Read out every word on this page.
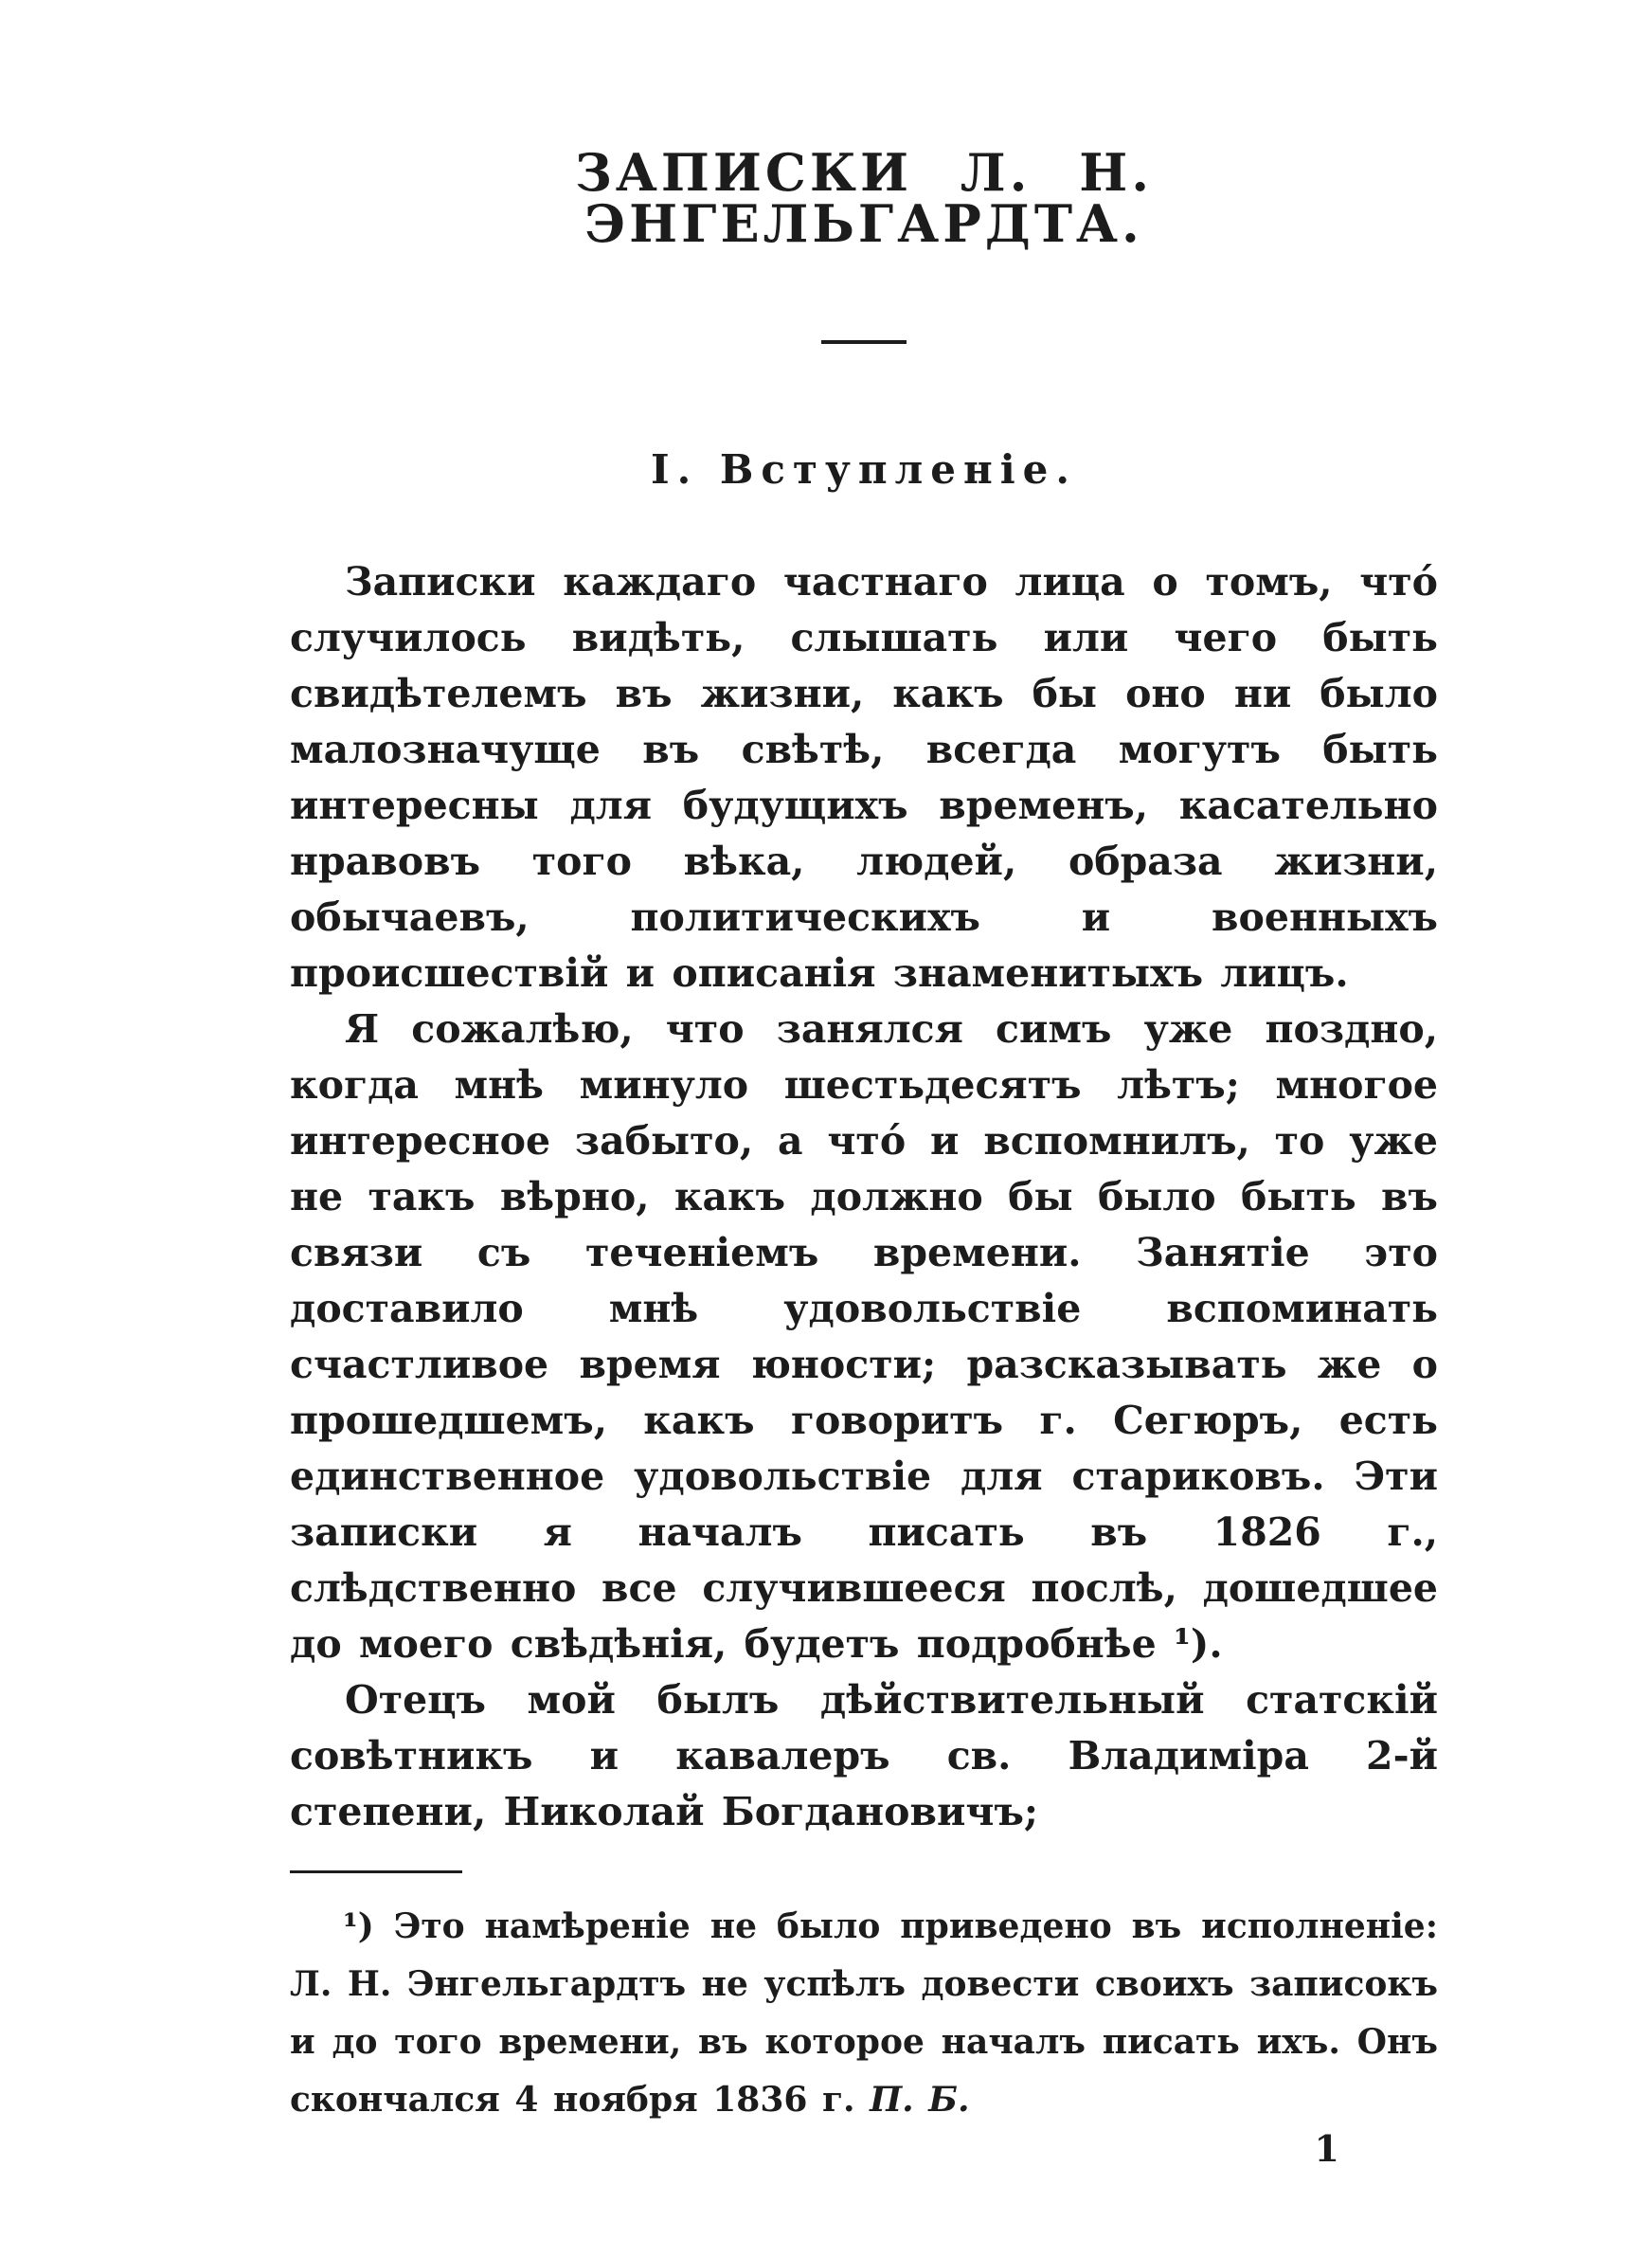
ЗАПИСКИ Л. Н. ЭНГЕЛЬГАРДТА.
I. Вступленіе.

Записки каждаго частнаго лица о томъ, что́ случилось видѣть, слышать или чего быть свидѣтелемъ въ жизни, какъ бы оно ни было малозначуще въ свѣтѣ, всегда могутъ быть интересны для будущихъ временъ, касательно нравовъ того вѣка, людей, образа жизни, обычаевъ, политическихъ и военныхъ происшествій и описанія знаменитыхъ лицъ.

Я сожалѣю, что занялся симъ уже поздно, когда мнѣ минуло шестьдесятъ лѣтъ; многое интересное забыто, а что́ и вспомнилъ, то уже не такъ вѣрно, какъ должно бы было быть въ связи съ теченіемъ времени. Занятіе это доставило мнѣ удовольствіе вспоминать счастливое время юности; разсказывать же о прошедшемъ, какъ говоритъ г. Сегюръ, есть единственное удовольствіе для стариковъ. Эти записки я началъ писать въ 1826 г., слѣдственно все случившееся послѣ, дошедшее до моего свѣдѣнія, будетъ подробнѣе ¹).

Отецъ мой былъ дѣйствительный статскій совѣтникъ и кавалеръ св. Владиміра 2-й степени, Николай Богдановичъ;

¹) Это намѣреніе не было приведено въ исполненіе: Л. Н. Энгельгардтъ не успѣлъ довести своихъ записокъ и до того времени, въ которое началъ писать ихъ. Онъ скончался 4 ноября 1836 г. П. Б.

1
